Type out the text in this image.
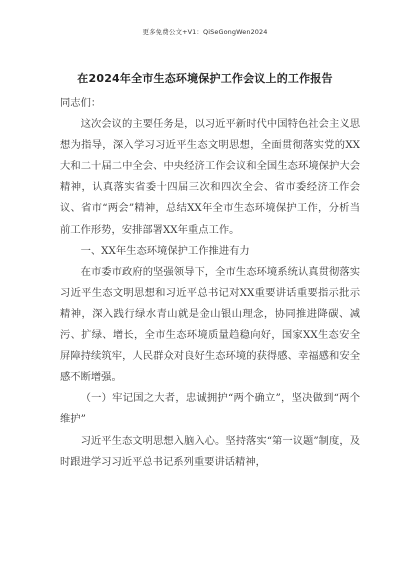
更多免费公文+V1：QiSeGongWen2024
在2024年全市生态环境保护工作会议上的工作报告

同志们：

这次会议的主要任务是，以习近平新时代中国特色社会主义思想为指导，深入学习习近平生态文明思想，全面贯彻落实党的XX大和二十届二中全会、中央经济工作会议和全国生态环境保护大会精神，认真落实省委十四届三次和四次全会、省市委经济工作会议、省市“两会”精神，总结XX年全市生态环境保护工作，分析当前工作形势，安排部署XX年重点工作。

一、XX年生态环境保护工作推进有力

在市委市政府的坚强领导下，全市生态环境系统认真贯彻落实习近平生态文明思想和习近平总书记对XX重要讲话重要指示批示精神，深入践行绿水青山就是金山银山理念，协同推进降碳、减污、扩绿、增长，全市生态环境质量趋稳向好，国家XX生态安全屏障持续筑牢，人民群众对良好生态环境的获得感、幸福感和安全感不断增强。

（一）牢记国之大者，忠诚拥护“两个确立”，坚决做到“两个维护”

习近平生态文明思想入脑入心。坚持落实“第一议题”制度，及时跟进学习习近平总书记系列重要讲话精神，
